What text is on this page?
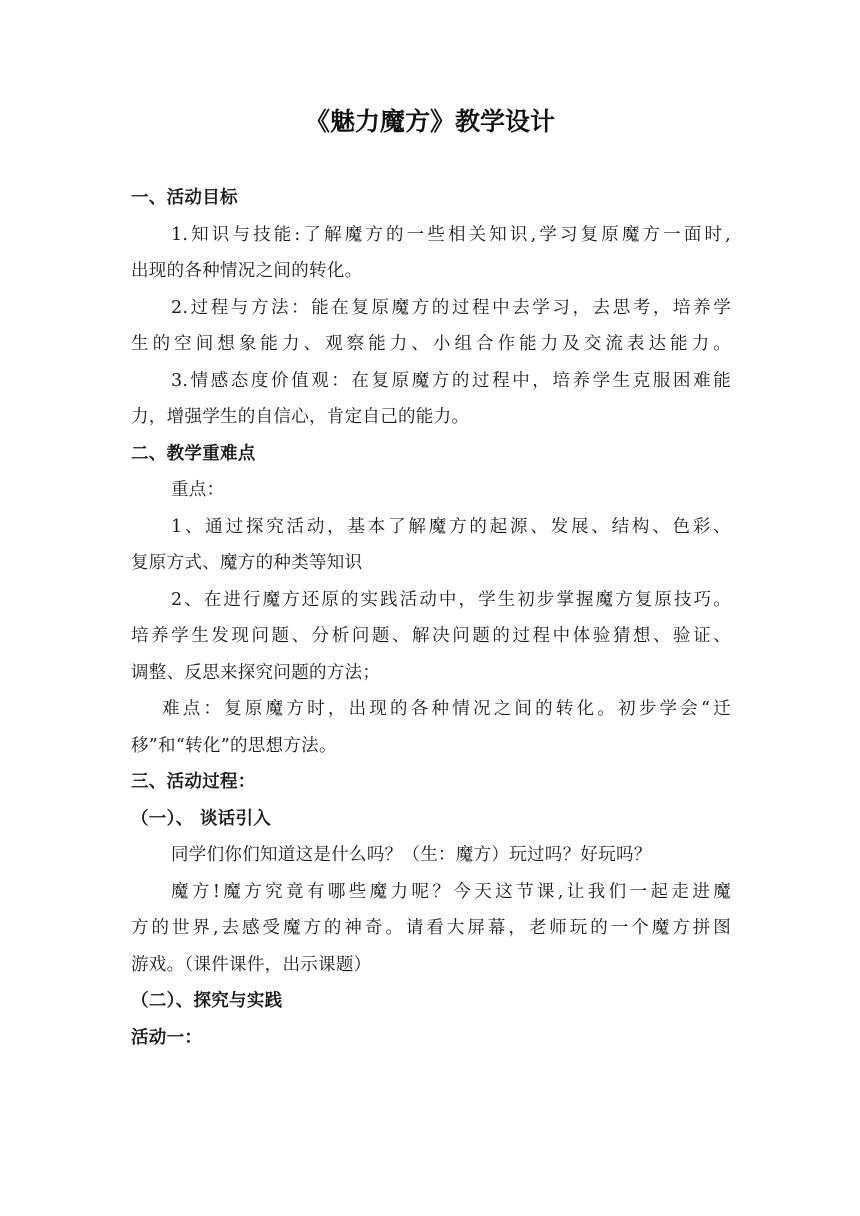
《魅力魔方》教学设计
一、活动目标
1.知识与技能:了解魔方的一些相关知识,学习复原魔方一面时,
出现的各种情况之间的转化。
2.过程与方法：能在复原魔方的过程中去学习，去思考，培养学
生的空间想象能力、观察能力、小组合作能力及交流表达能力。
3.情感态度价值观：在复原魔方的过程中，培养学生克服困难能
力，增强学生的自信心，肯定自己的能力。
二、教学重难点
重点：
1、通过探究活动，基本了解魔方的起源、发展、结构、色彩、
复原方式、魔方的种类等知识
2、在进行魔方还原的实践活动中，学生初步掌握魔方复原技巧。
培养学生发现问题、分析问题、解决问题的过程中体验猜想、验证、
调整、反思来探究问题的方法；
难点：复原魔方时，出现的各种情况之间的转化。初步学会“迁
移”和“转化”的思想方法。
三、活动过程：
（一）、 谈话引入
同学们你们知道这是什么吗？（生：魔方）玩过吗？好玩吗？
魔方!魔方究竟有哪些魔力呢？今天这节课,让我们一起走进魔
方的世界,去感受魔方的神奇。请看大屏幕，老师玩的一个魔方拼图
游戏。（课件课件，出示课题）
（二）、探究与实践
活动一：
